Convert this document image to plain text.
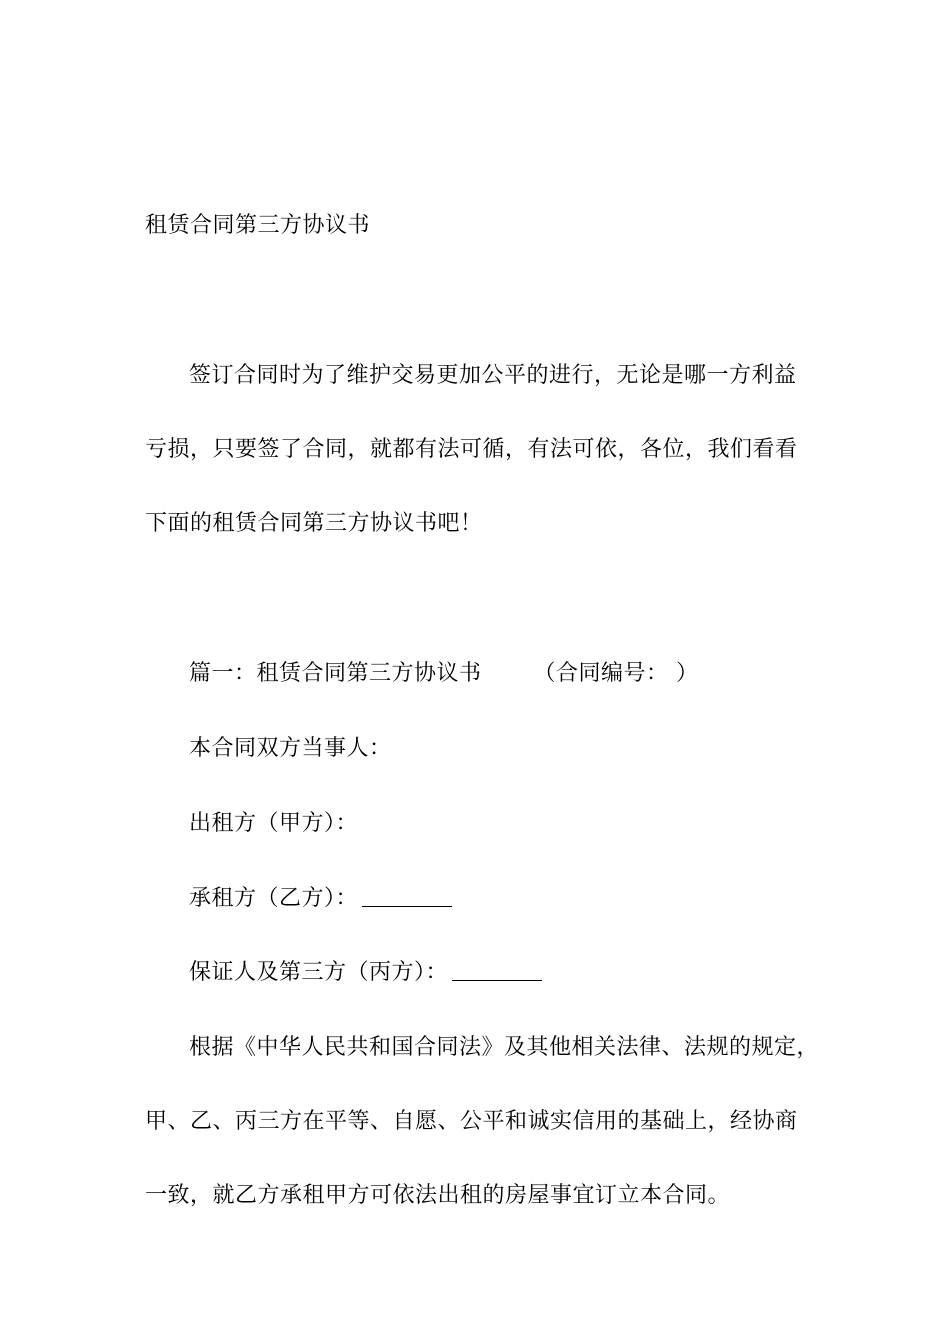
租赁合同第三方协议书
签订合同时为了维护交易更加公平的进行，无论是哪一方利益
亏损，只要签了合同，就都有法可循，有法可依，各位，我们看看
下面的租赁合同第三方协议书吧！
篇一：租赁合同第三方协议书 （合同编号： ）
本合同双方当事人：
出租方（甲方）：
承租方（乙方）：
保证人及第三方（丙方）：
根据《中华人民共和国合同法》及其他相关法律、法规的规定，
甲、乙、丙三方在平等、自愿、公平和诚实信用的基础上，经协商
一致，就乙方承租甲方可依法出租的房屋事宜订立本合同。
